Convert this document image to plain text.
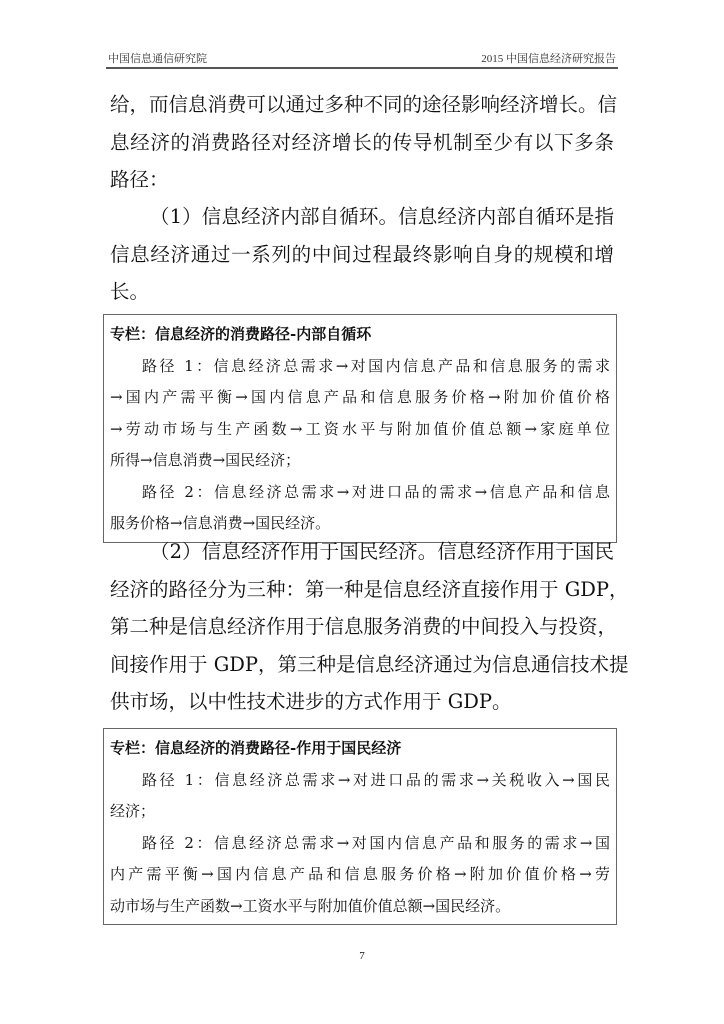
中国信息通信研究院	2015 中国信息经济研究报告
给，而信息消费可以通过多种不同的途径影响经济增长。信
息经济的消费路径对经济增长的传导机制至少有以下多条
路径：
（1）信息经济内部自循环。信息经济内部自循环是指
信息经济通过一系列的中间过程最终影响自身的规模和增
长。
专栏：信息经济的消费路径-内部自循环
路径 1：信息经济总需求→对国内信息产品和信息服务的需求
→国内产需平衡→国内信息产品和信息服务价格→附加价值价格
→劳动市场与生产函数→工资水平与附加值价值总额→家庭单位
所得→信息消费→国民经济；
路径 2：信息经济总需求→对进口品的需求→信息产品和信息
服务价格→信息消费→国民经济。
（2）信息经济作用于国民经济。信息经济作用于国民
经济的路径分为三种：第一种是信息经济直接作用于 GDP，
第二种是信息经济作用于信息服务消费的中间投入与投资，
间接作用于 GDP，第三种是信息经济通过为信息通信技术提
供市场，以中性技术进步的方式作用于 GDP。
专栏：信息经济的消费路径-作用于国民经济
路径 1：信息经济总需求→对进口品的需求→关税收入→国民
经济；
路径 2：信息经济总需求→对国内信息产品和服务的需求→国
内产需平衡→国内信息产品和信息服务价格→附加价值价格→劳
动市场与生产函数→工资水平与附加值价值总额→国民经济。
7
